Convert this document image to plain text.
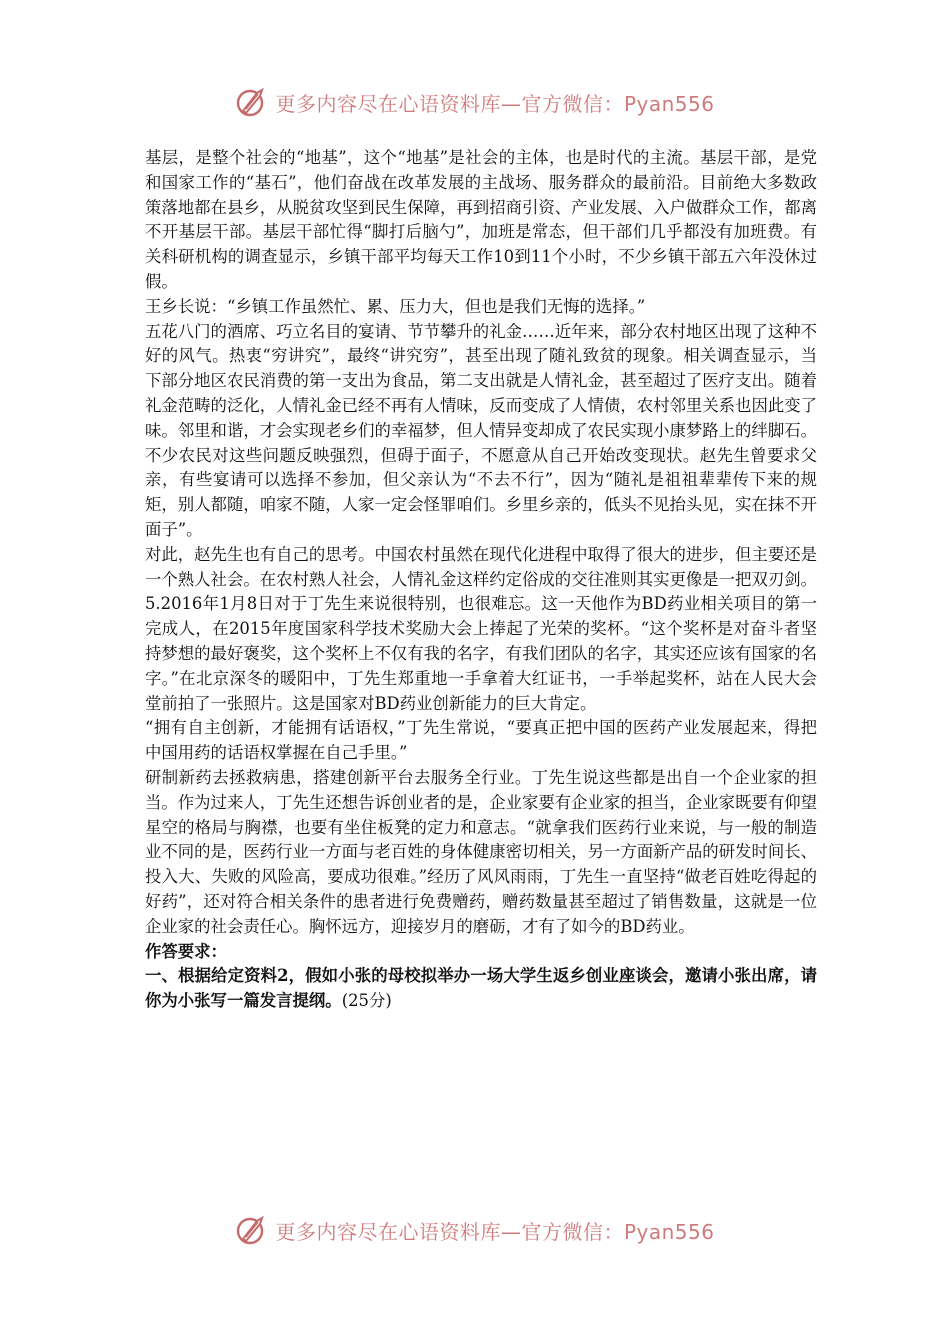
更多内容尽在心语资料库—官方微信：Pyan556

基层，是整个社会的“地基”，这个“地基”是社会的主体，也是时代的主流。基层干部，是党和国家工作的“基石”，他们奋战在改革发展的主战场、服务群众的最前沿。目前绝大多数政策落地都在县乡，从脱贫攻坚到民生保障，再到招商引资、产业发展、入户做群众工作，都离不开基层干部。基层干部忙得“脚打后脑勺”，加班是常态，但干部们几乎都没有加班费。有关科研机构的调查显示，乡镇干部平均每天工作10到11个小时，不少乡镇干部五六年没休过假。

王乡长说：“乡镇工作虽然忙、累、压力大，但也是我们无悔的选择。”

五花八门的酒席、巧立名目的宴请、节节攀升的礼金……近年来，部分农村地区出现了这种不好的风气。热衷“穷讲究”，最终“讲究穷”，甚至出现了随礼致贫的现象。相关调查显示，当下部分地区农民消费的第一支出为食品，第二支出就是人情礼金，甚至超过了医疗支出。随着礼金范畴的泛化，人情礼金已经不再有人情味，反而变成了人情债，农村邻里关系也因此变了味。邻里和谐，才会实现老乡们的幸福梦，但人情异变却成了农民实现小康梦路上的绊脚石。

不少农民对这些问题反映强烈，但碍于面子，不愿意从自己开始改变现状。赵先生曾要求父亲，有些宴请可以选择不参加，但父亲认为“不去不行”，因为“随礼是祖祖辈辈传下来的规矩，别人都随，咱家不随，人家一定会怪罪咱们。乡里乡亲的，低头不见抬头见，实在抹不开面子”。

对此，赵先生也有自己的思考。中国农村虽然在现代化进程中取得了很大的进步，但主要还是一个熟人社会。在农村熟人社会，人情礼金这样约定俗成的交往准则其实更像是一把双刃剑。

5.2016年1月8日对于丁先生来说很特别，也很难忘。这一天他作为BD药业相关项目的第一完成人，在2015年度国家科学技术奖励大会上捧起了光荣的奖杯。“这个奖杯是对奋斗者坚持梦想的最好褒奖，这个奖杯上不仅有我的名字，有我们团队的名字，其实还应该有国家的名字。”在北京深冬的暖阳中，丁先生郑重地一手拿着大红证书，一手举起奖杯，站在人民大会堂前拍了一张照片。这是国家对BD药业创新能力的巨大肯定。

“拥有自主创新，才能拥有话语权，”丁先生常说，“要真正把中国的医药产业发展起来，得把中国用药的话语权掌握在自己手里。”

研制新药去拯救病患，搭建创新平台去服务全行业。丁先生说这些都是出自一个企业家的担当。作为过来人，丁先生还想告诉创业者的是，企业家要有企业家的担当，企业家既要有仰望星空的格局与胸襟，也要有坐住板凳的定力和意志。“就拿我们医药行业来说，与一般的制造业不同的是，医药行业一方面与老百姓的身体健康密切相关，另一方面新产品的研发时间长、投入大、失败的风险高，要成功很难。”经历了风风雨雨，丁先生一直坚持“做老百姓吃得起的好药”，还对符合相关条件的患者进行免费赠药，赠药数量甚至超过了销售数量，这就是一位企业家的社会责任心。胸怀远方，迎接岁月的磨砺，才有了如今的BD药业。

作答要求：

一、根据给定资料2，假如小张的母校拟举办一场大学生返乡创业座谈会，邀请小张出席，请你为小张写一篇发言提纲。(25分)

更多内容尽在心语资料库—官方微信：Pyan556
